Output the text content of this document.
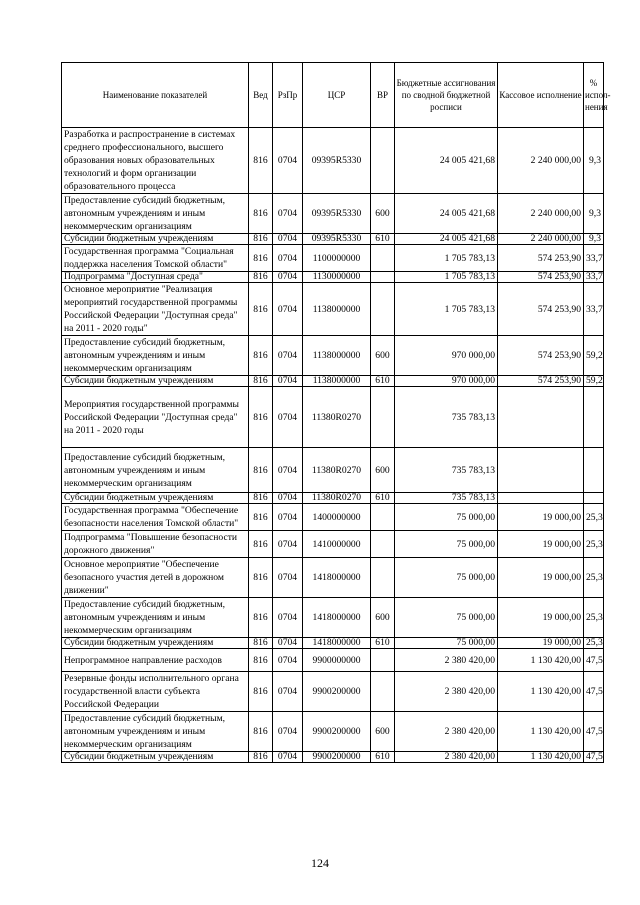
Наименование показателей	Вед	РзПр	ЦСР	ВР	Бюджетные ассигнования по сводной бюджетной росписи	Кассовое исполнение	% испол-нения
Разработка и распространение в системах среднего профессионального, высшего образования новых образовательных технологий и форм организации образовательного процесса	816	0704	09395R5330		24 005 421,68	2 240 000,00	9,3
Предоставление субсидий бюджетным, автономным учреждениям и иным некоммерческим организациям	816	0704	09395R5330	600	24 005 421,68	2 240 000,00	9,3
Субсидии бюджетным учреждениям	816	0704	09395R5330	610	24 005 421,68	2 240 000,00	9,3
Государственная программа "Социальная поддержка населения Томской области"	816	0704	1100000000		1 705 783,13	574 253,90	33,7
Подпрограмма "Доступная среда"	816	0704	1130000000		1 705 783,13	574 253,90	33,7
Основное мероприятие "Реализация мероприятий государственной программы Российской Федерации "Доступная среда" на 2011 - 2020 годы"	816	0704	1138000000		1 705 783,13	574 253,90	33,7
Предоставление субсидий бюджетным, автономным учреждениям и иным некоммерческим организациям	816	0704	1138000000	600	970 000,00	574 253,90	59,2
Субсидии бюджетным учреждениям	816	0704	1138000000	610	970 000,00	574 253,90	59,2
Мероприятия государственной программы Российской Федерации "Доступная среда" на 2011 - 2020 годы	816	0704	11380R0270		735 783,13		
Предоставление субсидий бюджетным, автономным учреждениям и иным некоммерческим организациям	816	0704	11380R0270	600	735 783,13		
Субсидии бюджетным учреждениям	816	0704	11380R0270	610	735 783,13		
Государственная программа "Обеспечение безопасности населения Томской области"	816	0704	1400000000		75 000,00	19 000,00	25,3
Подпрограмма "Повышение безопасности дорожного движения"	816	0704	1410000000		75 000,00	19 000,00	25,3
Основное мероприятие "Обеспечение безопасного участия детей в дорожном движении"	816	0704	1418000000		75 000,00	19 000,00	25,3
Предоставление субсидий бюджетным, автономным учреждениям и иным некоммерческим организациям	816	0704	1418000000	600	75 000,00	19 000,00	25,3
Субсидии бюджетным учреждениям	816	0704	1418000000	610	75 000,00	19 000,00	25,3
Непрограммное направление расходов	816	0704	9900000000		2 380 420,00	1 130 420,00	47,5
Резервные фонды исполнительного органа государственной власти субъекта Российской Федерации	816	0704	9900200000		2 380 420,00	1 130 420,00	47,5
Предоставление субсидий бюджетным, автономным учреждениям и иным некоммерческим организациям	816	0704	9900200000	600	2 380 420,00	1 130 420,00	47,5
Субсидии бюджетным учреждениям	816	0704	9900200000	610	2 380 420,00	1 130 420,00	47,5
124
